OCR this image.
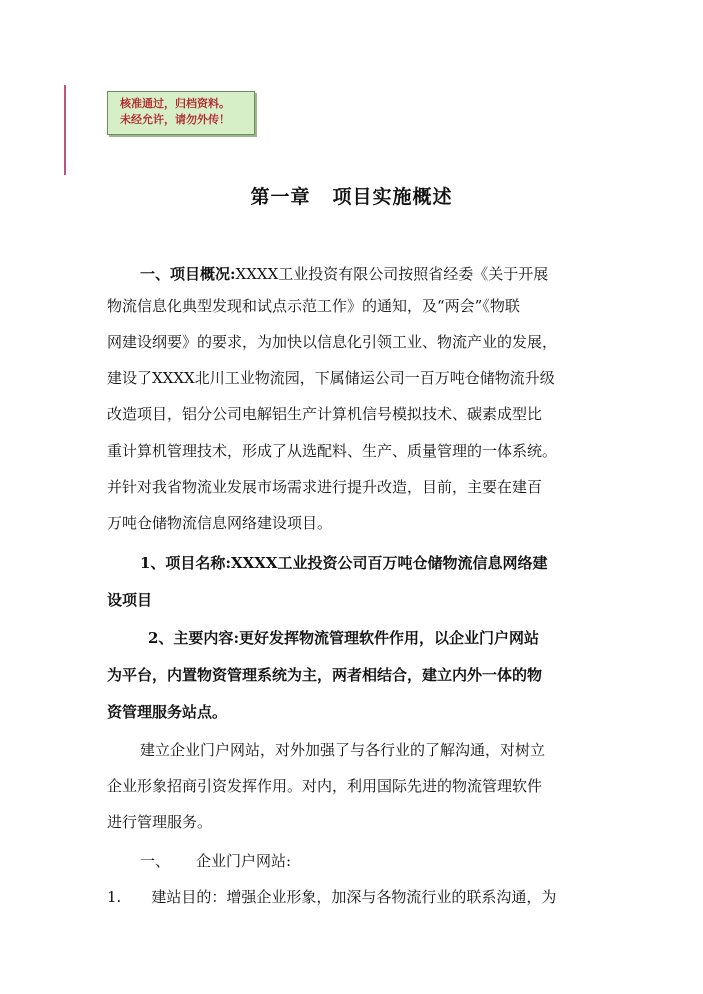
核准通过，归档资料。
未经允许，请勿外传！
第一章 项目实施概述
一、项目概况:XXXX工业投资有限公司按照省经委《关于开展
物流信息化典型发现和试点示范工作》的通知，及“两会”《物联
网建设纲要》的要求，为加快以信息化引领工业、物流产业的发展，
建设了XXXX北川工业物流园，下属储运公司一百万吨仓储物流升级
改造项目，铝分公司电解铝生产计算机信号模拟技术、碳素成型比
重计算机管理技术，形成了从选配料、生产、质量管理的一体系统。
并针对我省物流业发展市场需求进行提升改造，目前，主要在建百
万吨仓储物流信息网络建设项目。
1、项目名称:XXXX工业投资公司百万吨仓储物流信息网络建
设项目
2、主要内容:更好发挥物流管理软件作用，以企业门户网站
为平台，内置物资管理系统为主，两者相结合，建立内外一体的物
资管理服务站点。
建立企业门户网站，对外加强了与各行业的了解沟通，对树立
企业形象招商引资发挥作用。对内，利用国际先进的物流管理软件
进行管理服务。
一、 企业门户网站:
1. 建站目的：增强企业形象，加深与各物流行业的联系沟通，为
